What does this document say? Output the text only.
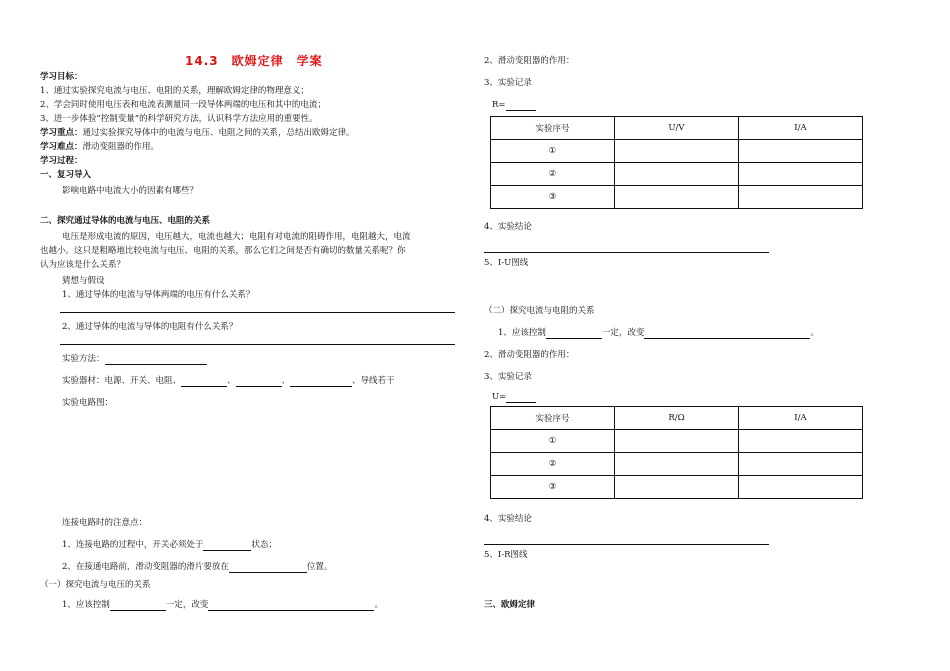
14.3　欧姆定律　学案
学习目标：
1、通过实验探究电流与电压、电阻的关系，理解欧姆定律的物理意义；
2、学会同时使用电压表和电流表测量同一段导体两端的电压和其中的电流；
3、进一步体验“控制变量”的科学研究方法，认识科学方法应用的重要性。
学习重点：通过实验探究导体中的电流与电压、电阻之间的关系，总结出欧姆定律。
学习难点：滑动变阻器的作用。
学习过程：
一、复习导入
影响电路中电流大小的因素有哪些？
二、探究通过导体的电流与电压、电阻的关系
电压是形成电流的原因，电压越大，电流也越大；电阻有对电流的阻碍作用，电阻越大，电流
也越小。这只是粗略地比较电流与电压、电阻的关系，那么它们之间是否有确切的数量关系呢？你
认为应该是什么关系？
猜想与假设
1、通过导体的电流与导体两端的电压有什么关系？
2、通过导体的电流与导体的电阻有什么关系？
实验方法：
实验器材：电源、开关、电阻、	、	、	、导线若干
实验电路图：
连接电路时的注意点：
1、连接电路的过程中，开关必须处于	状态；
2、在接通电路前，滑动变阻器的滑片要放在	位置。
（一）探究电流与电压的关系
1、应该控制	一定，改变	。
2、滑动变阻器的作用：
3、实验记录
R=
实验序号	U/V	I/A
①		
②		
③		
4、实验结论
5、I-U图线
（二）探究电流与电阻的关系
1、应该控制	一定，改变	。
2、滑动变阻器的作用：
3、实验记录
U=
实验序号	R/Ω	I/A
①		
②		
③		
4、实验结论
5、I-R图线
三、欧姆定律
